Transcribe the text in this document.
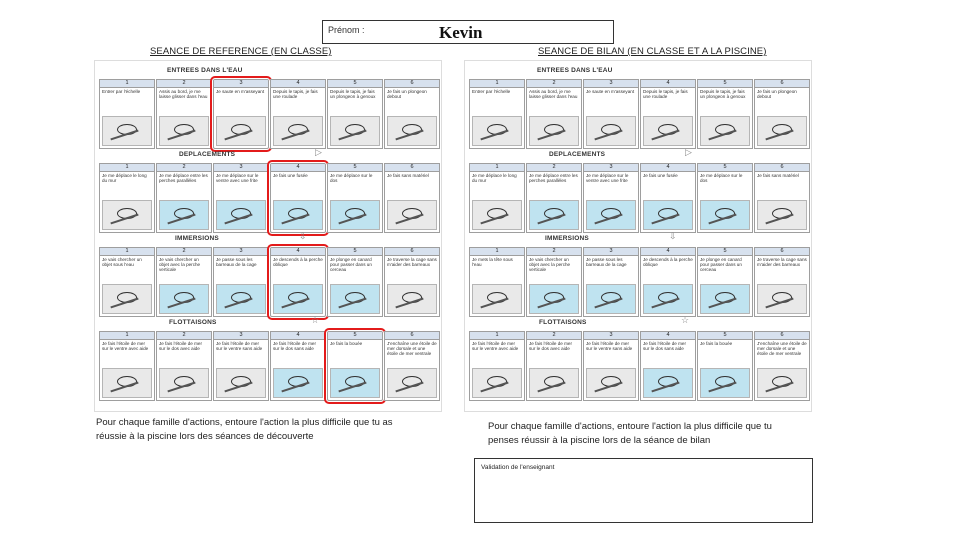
Prénom :	Kevin
SEANCE DE REFERENCE (EN CLASSE)	SEANCE DE BILAN (EN CLASSE ET A LA PISCINE)
ENTREES DANS L'EAU
1
Entrer par l'échelle
2
Assis au bord, je me laisse glisser dans l'eau
3
Je saute en m'asseyant
4
Depuis le tapis, je fais une roulade
5
Depuis le tapis, je fais un plongeon à genoux
6
Je fais un plongeon debout
DEPLACEMENTS
1
Je me déplace le long du mur
2
Je me déplace entre les perches parallèles
3
Je me déplace sur le ventre avec une frite
4
Je fais une fusée
5
Je me déplace sur le dos
6
Je fais sans matériel
IMMERSIONS
1
Je vais chercher un objet sous l'eau
2
Je vais chercher un objet avec la perche verticale
3
Je passe sous les barreaux de la cage
4
Je descends à la perche oblique
5
Je plonge en canard pour passer dans un cerceau
6
Je traverse la cage sans m'aider des barreaux
FLOTTAISONS
1
Je fais l'étoile de mer sur le ventre avec aide
2
Je fais l'étoile de mer sur le dos avec aide
3
Je fais l'étoile de mer sur le ventre sans aide
4
Je fais l'étoile de mer sur le dos sans aide
5
Je fais la bouée
6
J'enchaîne une étoile de mer dorsale et une étoile de mer ventrale
▷
⇩
☆
ENTREES DANS L'EAU
1
Entrer par l'échelle
2
Assis au bord, je me laisse glisser dans l'eau
3
Je saute en m'asseyant
4
Depuis le tapis, je fais une roulade
5
Depuis le tapis, je fais un plongeon à genoux
6
Je fais un plongeon debout
DEPLACEMENTS
1
Je me déplace le long du mur
2
Je me déplace entre les perches parallèles
3
Je me déplace sur le ventre avec une frite
4
Je fais une fusée
5
Je me déplace sur le dos
6
Je fais sans matériel
IMMERSIONS
1
Je mets la tête sous l'eau
2
Je vais chercher un objet avec la perche verticale
3
Je passe sous les barreaux de la cage
4
Je descends à la perche oblique
5
Je plonge en canard pour passer dans un cerceau
6
Je traverse la cage sans m'aider des barreaux
FLOTTAISONS
1
Je fais l'étoile de mer sur le ventre avec aide
2
Je fais l'étoile de mer sur le dos avec aide
3
Je fais l'étoile de mer sur le ventre sans aide
4
Je fais l'étoile de mer sur le dos sans aide
5
Je fais la bouée
6
J'enchaîne une étoile de mer dorsale et une étoile de mer ventrale
▷
⇩
☆
Pour chaque famille d'actions, entoure l'action la plus difficile que tu as
réussie à la piscine lors des séances de découverte
Pour chaque famille d'actions, entoure l'action la plus difficile que tu
penses réussir à la piscine lors de la séance de bilan
Validation de l'enseignant
